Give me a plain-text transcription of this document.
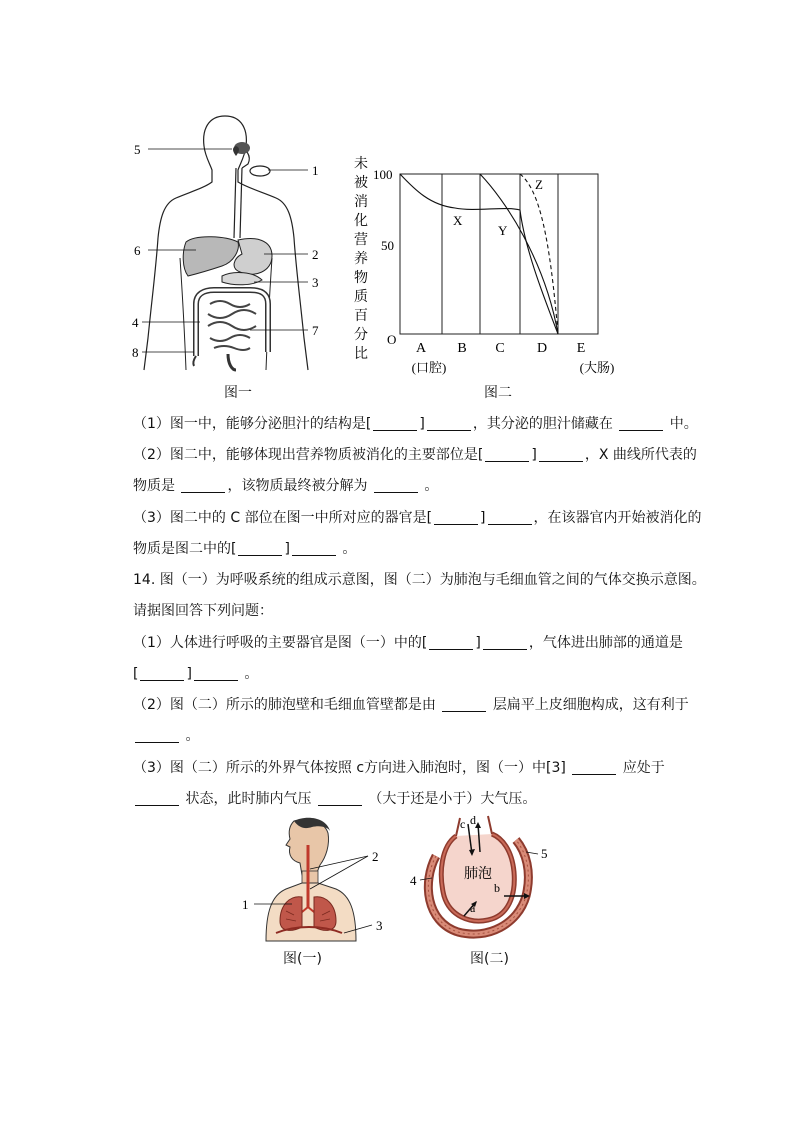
5
1
6	2
3
4
7
8
图一
未
被
消
化
营
养
物
质
百
分
比
100
50
O
A B C D E
(口腔)	(大肠)
X
Y
Z
图二
（1）图一中，能够分泌胆汁的结构是[	]	，其分泌的胆汁储藏在	中。
（2）图二中，能够体现出营养物质被消化的主要部位是[	]	，X 曲线所代表的
物质是	，该物质最终被分解为	。
（3）图二中的 C 部位在图一中所对应的器官是[	]	，在该器官内开始被消化的
物质是图二中的[	]	。
14. 图（一）为呼吸系统的组成示意图，图（二）为肺泡与毛细血管之间的气体交换示意图。
请据图回答下列问题：
（1）人体进行呼吸的主要器官是图（一）中的[	]	，气体进出肺部的通道是
[	]	。
（2）图（二）所示的肺泡壁和毛细血管壁都是由	层扁平上皮细胞构成，这有利于
。
（3）图（二）所示的外界气体按照 c方向进入肺泡时，图（一）中[3]	应处于
状态，此时肺内气压	（大于还是小于）大气压。
1
2
3
图(一)
肺泡
c d
a
b
4
5
图(二)
